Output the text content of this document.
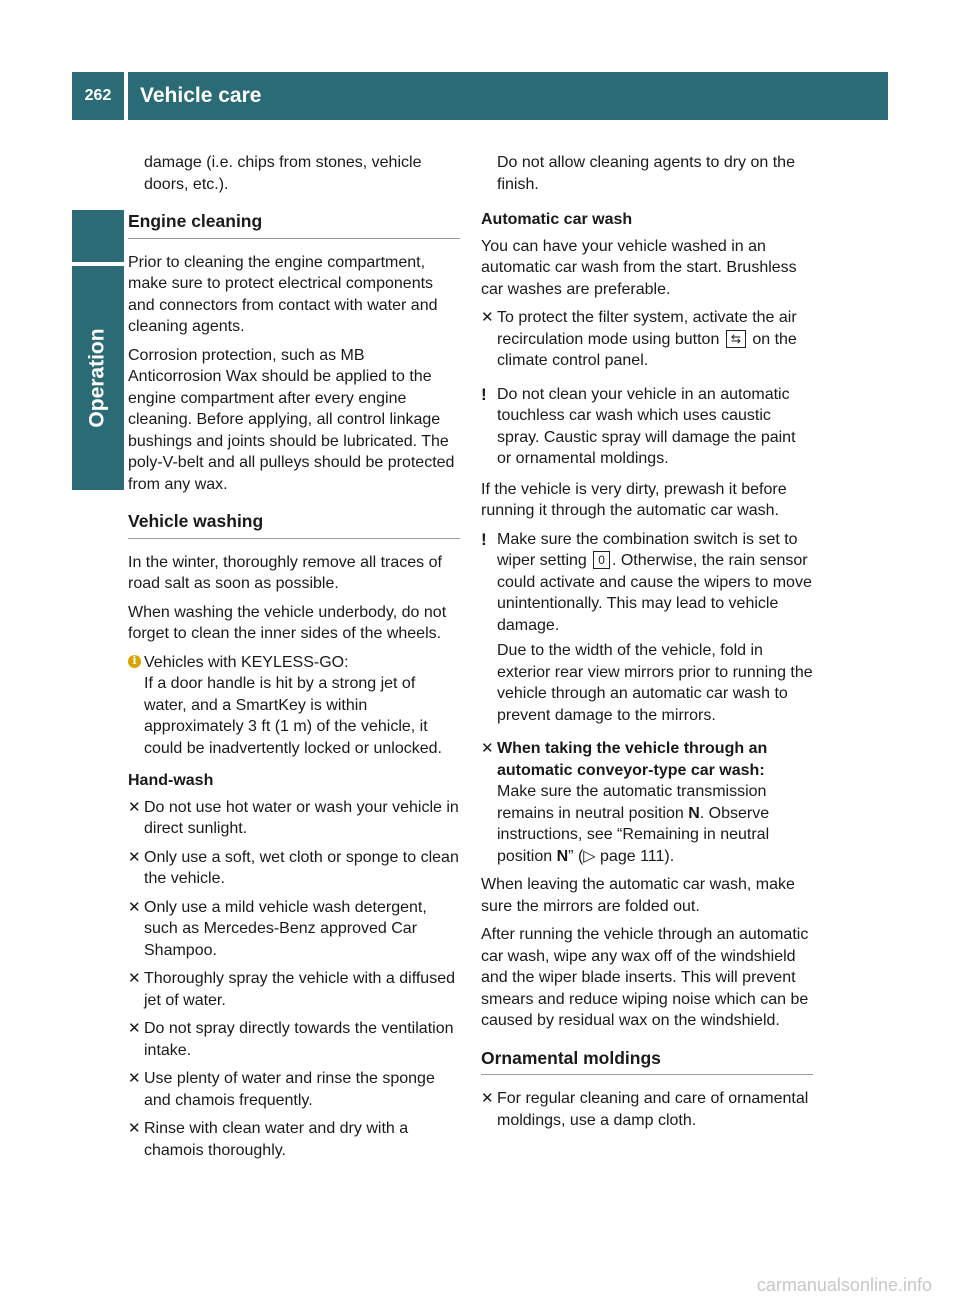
262	Vehicle care
Operation

damage (i.e. chips from stones, vehicle doors, etc.).

Engine cleaning

Prior to cleaning the engine compartment, make sure to protect electrical components and connectors from contact with water and cleaning agents.

Corrosion protection, such as MB Anticorrosion Wax should be applied to the engine compartment after every engine cleaning. Before applying, all control linkage bushings and joints should be lubricated. The poly-V-belt and all pulleys should be protected from any wax.

Vehicle washing

In the winter, thoroughly remove all traces of road salt as soon as possible.

When washing the vehicle underbody, do not forget to clean the inner sides of the wheels.

i Vehicles with KEYLESS-GO:
If a door handle is hit by a strong jet of water, and a SmartKey is within approximately 3 ft (1 m) of the vehicle, it could be inadvertently locked or unlocked.
Hand-wash
✕ Do not use hot water or wash your vehicle in direct sunlight.
✕ Only use a soft, wet cloth or sponge to clean the vehicle.
✕ Only use a mild vehicle wash detergent, such as Mercedes-Benz approved Car Shampoo.
✕ Thoroughly spray the vehicle with a diffused jet of water.
✕ Do not spray directly towards the ventilation intake.
✕ Use plenty of water and rinse the sponge and chamois frequently.
✕ Rinse with clean water and dry with a chamois thoroughly.

Do not allow cleaning agents to dry on the finish.

Automatic car wash

You can have your vehicle washed in an automatic car wash from the start. Brushless car washes are preferable.

✕ To protect the filter system, activate the air recirculation mode using button ⇆ on the climate control panel.
! Do not clean your vehicle in an automatic touchless car wash which uses caustic spray. Caustic spray will damage the paint or ornamental moldings.

If the vehicle is very dirty, prewash it before running it through the automatic car wash.

! Make sure the combination switch is set to wiper setting 0 . Otherwise, the rain sensor could activate and cause the wipers to move unintentionally. This may lead to vehicle damage.
Due to the width of the vehicle, fold in exterior rear view mirrors prior to running the vehicle through an automatic car wash to prevent damage to the mirrors.
✕ When taking the vehicle through an automatic conveyor-type car wash:
Make sure the automatic transmission remains in neutral position N. Observe instructions, see “Remaining in neutral position N” (▷ page 111).

When leaving the automatic car wash, make sure the mirrors are folded out.

After running the vehicle through an automatic car wash, wipe any wax off of the windshield and the wiper blade inserts. This will prevent smears and reduce wiping noise which can be caused by residual wax on the windshield.

Ornamental moldings
✕ For regular cleaning and care of ornamental moldings, use a damp cloth.
carmanualsonline.info
